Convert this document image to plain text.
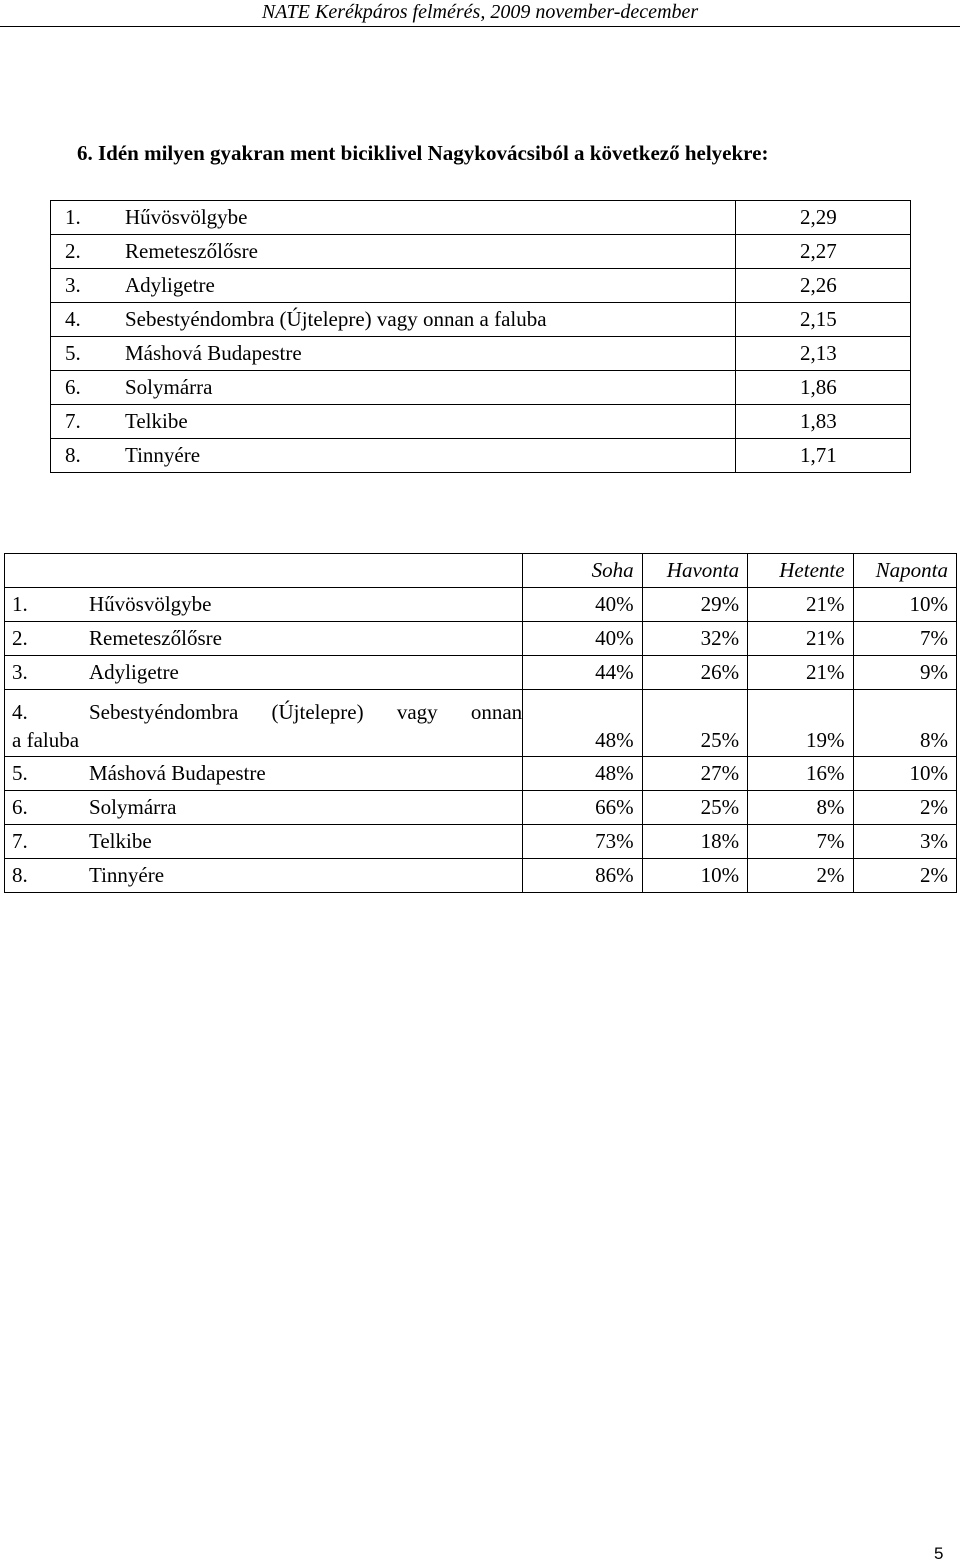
NATE Kerékpáros felmérés, 2009 november-december
6. Idén milyen gyakran ment biciklivel Nagykovácsiból a következő helyekre:
1. Hűvösvölgybe	2,29
2. Remeteszőlősre	2,27
3. Adyligetre	2,26
4. Sebestyéndombra (Újtelepre) vagy onnan a faluba	2,15
5. Máshová Budapestre	2,13
6. Solymárra	1,86
7. Telkibe	1,83
8. Tinnyére	1,71
	Soha	Havonta	Hetente	Naponta
1. Hűvösvölgybe	40%	29%	21%	10%
2. Remeteszőlősre	40%	32%	21%	7%
3. Adyligetre	44%	26%	21%	9%

4. Sebestyéndombra (Újtelepre) vagy onnan
a faluba	48%	25%	19%	8%
5. Máshová Budapestre	48%	27%	16%	10%
6. Solymárra	66%	25%	8%	2%
7. Telkibe	73%	18%	7%	3%
8. Tinnyére	86%	10%	2%	2%
5
